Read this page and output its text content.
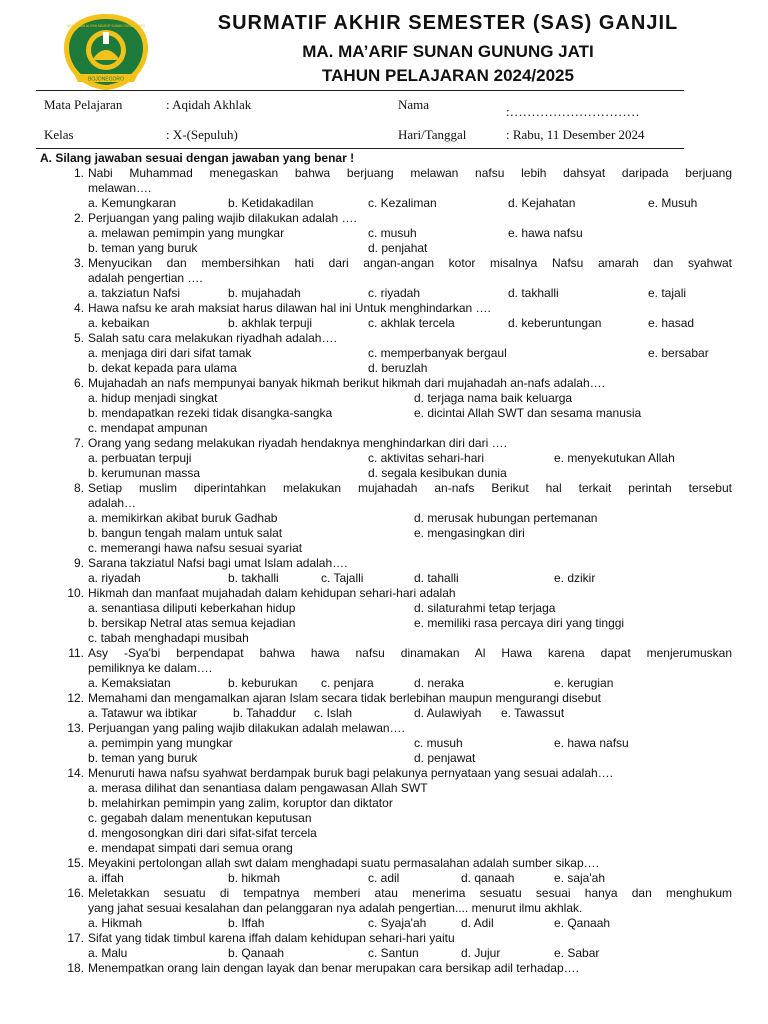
BOJONEGORO
MADRASAH ALIYAH MA'ARIF SUNAN GUNUNG JATI	SURMATIF AKHIR SEMESTER (SAS) GANJIL
MA. MA’ARIF SUNAN GUNUNG JATI
TAHUN PELAJARAN 2024/2025
Mata Pelajaran	: Aqidah Akhlak	Nama	:…………………………
Kelas	: X-(Sepuluh)	Hari/Tanggal	: Rabu, 11 Desember 2024
A. Silang jawaban sesuai dengan jawaban yang benar !
1. Nabi Muhammad menegaskan bahwa berjuang melawan nafsu lebih dahsyat daripada berjuang
melawan….
a. Kemungkaran	b. Ketidakadilan	c. Kezaliman	d. Kejahatan	e. Musuh
2. Perjuangan yang paling wajib dilakukan adalah ….
a. melawan pemimpin yang mungkar	c. musuh	e. hawa nafsu
b. teman yang buruk	d. penjahat
3. Menyucikan dan membersihkan hati dari angan-angan kotor misalnya Nafsu amarah dan syahwat
adalah pengertian ….
a. takziatun Nafsi	b. mujahadah	c. riyadah	d. takhalli	e. tajali
4. Hawa nafsu ke arah maksiat harus dilawan hal ini Untuk menghindarkan ….
a. kebaikan	b. akhlak terpuji	c. akhlak tercela	d. keberuntungan	e. hasad
5. Salah satu cara melakukan riyadhah adalah….
a. menjaga diri dari sifat tamak	c. memperbanyak bergaul	e. bersabar
b. dekat kepada para ulama	d. beruzlah
6. Mujahadah an nafs mempunyai banyak hikmah berikut hikmah dari mujahadah an-nafs adalah….
a. hidup menjadi singkat	d. terjaga nama baik keluarga
b. mendapatkan rezeki tidak disangka-sangka	e. dicintai Allah SWT dan sesama manusia
c. mendapat ampunan
7. Orang yang sedang melakukan riyadah hendaknya menghindarkan diri dari ….
a. perbuatan terpuji	c. aktivitas sehari-hari	e. menyekutukan Allah
b. kerumunan massa	d. segala kesibukan dunia
8. Setiap muslim diperintahkan melakukan mujahadah an-nafs Berikut hal terkait perintah tersebut
adalah…
a. memikirkan akibat buruk Gadhab	d. merusak hubungan pertemanan
b. bangun tengah malam untuk salat	e. mengasingkan diri
c. memerangi hawa nafsu sesuai syariat
9. Sarana takziatul Nafsi bagi umat Islam adalah….
a. riyadah	b. takhalli	c. Tajalli	d. tahalli	e. dzikir
10. Hikmah dan manfaat mujahadah dalam kehidupan sehari-hari adalah
a. senantiasa diliputi keberkahan hidup	d. silaturahmi tetap terjaga
b. bersikap Netral atas semua kejadian	e. memiliki rasa percaya diri yang tinggi
c. tabah menghadapi musibah
11. Asy -Sya'bi berpendapat bahwa hawa nafsu dinamakan Al Hawa karena dapat menjerumuskan
pemiliknya ke dalam….
a. Kemaksiatan	b. keburukan c. penjara	d. neraka	e. kerugian
12. Memahami dan mengamalkan ajaran Islam secara tidak berlebihan maupun mengurangi disebut
a. Tatawur wa ibtikar	b. Tahaddur c. Islah	d. Aulawiyah e. Tawassut
13. Perjuangan yang paling wajib dilakukan adalah melawan….
a. pemimpin yang mungkar	c. musuh	e. hawa nafsu
b. teman yang buruk	d. penjawat
14. Menuruti hawa nafsu syahwat berdampak buruk bagi pelakunya pernyataan yang sesuai adalah….
a. merasa dilihat dan senantiasa dalam pengawasan Allah SWT
b. melahirkan pemimpin yang zalim, koruptor dan diktator
c. gegabah dalam menentukan keputusan
d. mengosongkan diri dari sifat-sifat tercela
e. mendapat simpati dari semua orang
15. Meyakini pertolongan allah swt dalam menghadapi suatu permasalahan adalah sumber sikap….
a. iffah	b. hikmah	c. adil	d. qanaah	e. saja'ah
16. Meletakkan sesuatu di tempatnya memberi atau menerima sesuatu sesuai hanya dan menghukum
yang jahat sesuai kesalahan dan pelanggaran nya adalah pengertian.... menurut ilmu akhlak.
a. Hikmah	b. Iffah	c. Syaja'ah	d. Adil	e. Qanaah
17. Sifat yang tidak timbul karena iffah dalam kehidupan sehari-hari yaitu
a. Malu	b. Qanaah	c. Santun	d. Jujur	e. Sabar
18. Menempatkan orang lain dengan layak dan benar merupakan cara bersikap adil terhadap….
